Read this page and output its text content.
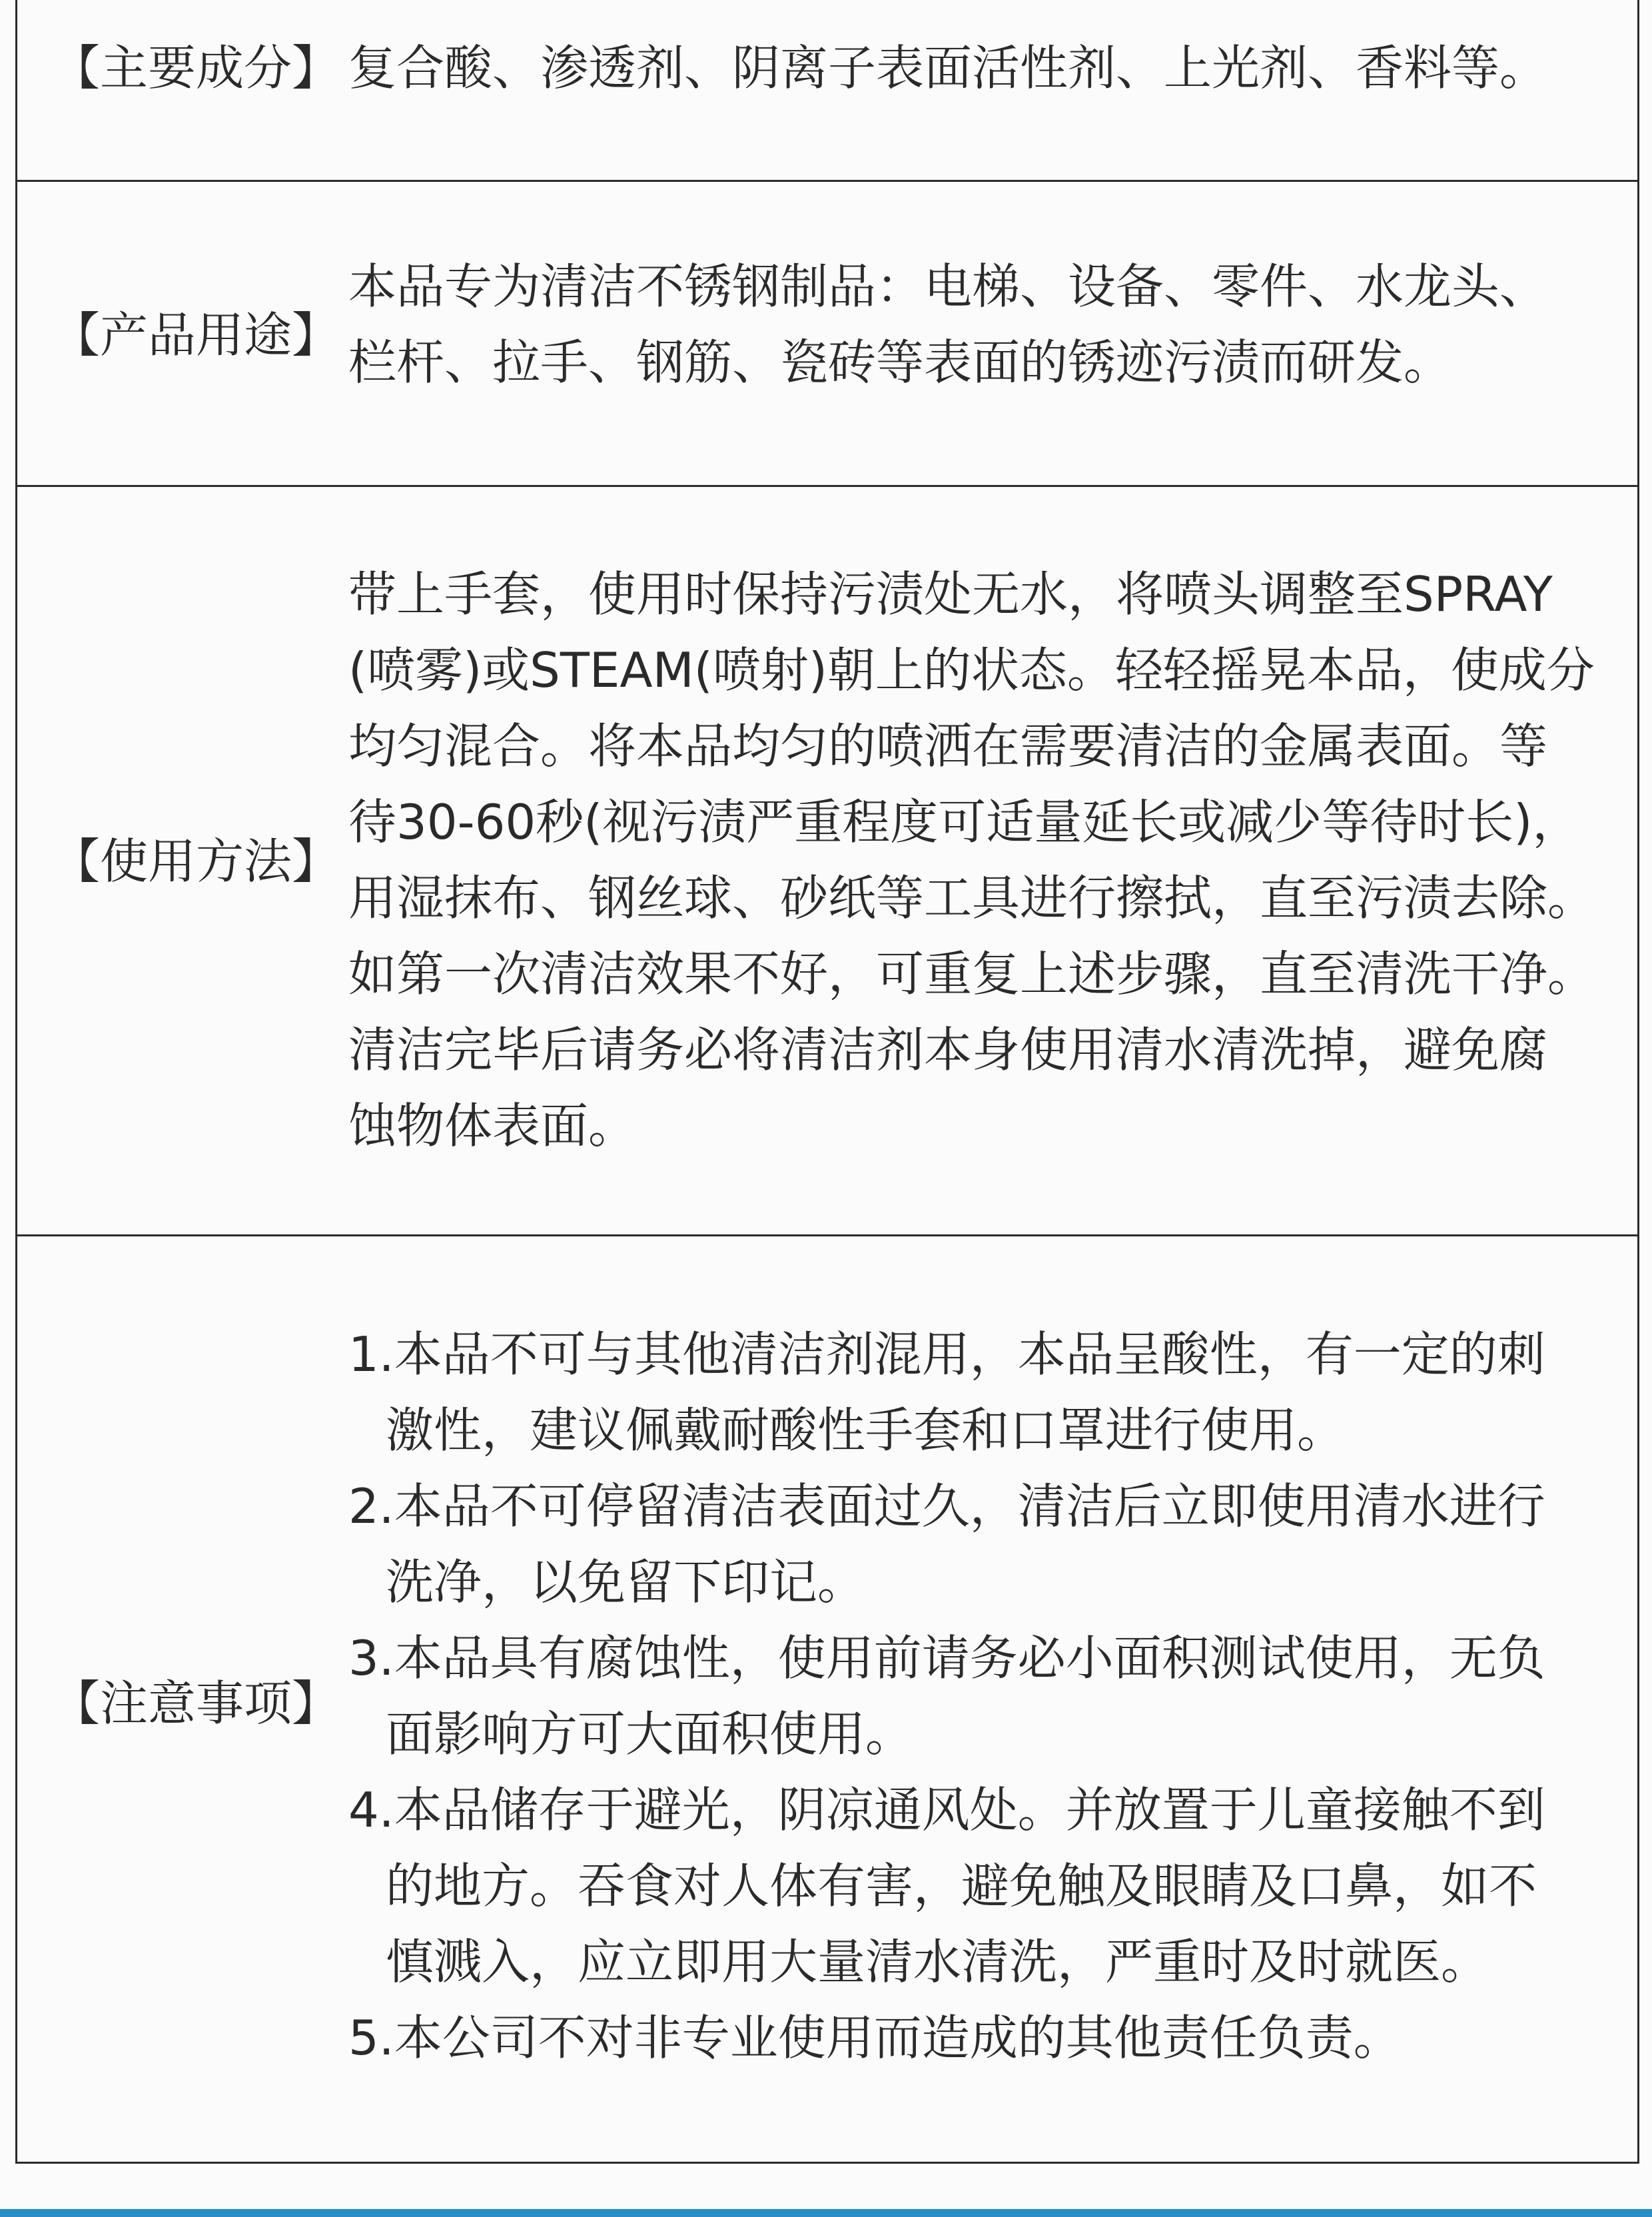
【主要成分】 复合酸、渗透剂、阴离子表面活性剂、上光剂、香料等。
【产品用途】
本品专为清洁不锈钢制品：电梯、设备、零件、水龙头、
栏杆、拉手、钢筋、瓷砖等表面的锈迹污渍而研发。
【使用方法】
带上手套，使用时保持污渍处无水，将喷头调整至SPRAY
(喷雾)或STEAM(喷射)朝上的状态。轻轻摇晃本品，使成分
均匀混合。将本品均匀的喷洒在需要清洁的金属表面。等
待30-60秒(视污渍严重程度可适量延长或减少等待时长)，
用湿抹布、钢丝球、砂纸等工具进行擦拭，直至污渍去除。
如第一次清洁效果不好，可重复上述步骤，直至清洗干净。
清洁完毕后请务必将清洁剂本身使用清水清洗掉，避免腐
蚀物体表面。
【注意事项】
1.本品不可与其他清洁剂混用，本品呈酸性，有一定的刺
激性，建议佩戴耐酸性手套和口罩进行使用。
2.本品不可停留清洁表面过久，清洁后立即使用清水进行
洗净，以免留下印记。
3.本品具有腐蚀性，使用前请务必小面积测试使用，无负
面影响方可大面积使用。
4.本品储存于避光，阴凉通风处。并放置于儿童接触不到
的地方。吞食对人体有害，避免触及眼睛及口鼻，如不
慎溅入，应立即用大量清水清洗，严重时及时就医。
5.本公司不对非专业使用而造成的其他责任负责。
